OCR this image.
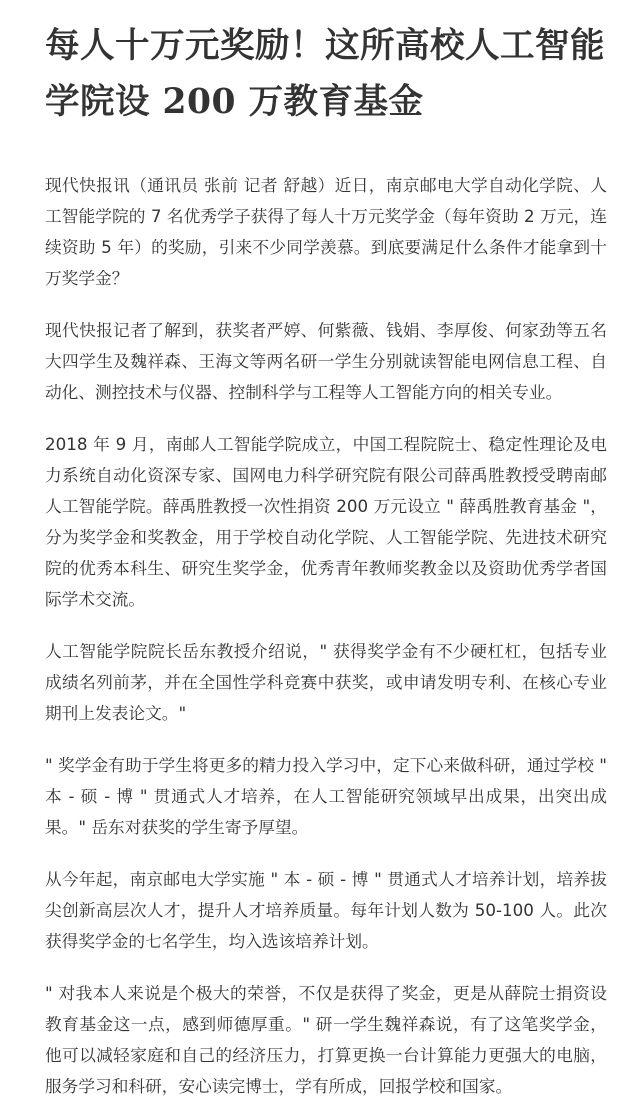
每人十万元奖励！这所高校人工智能学院设 200 万教育基金

现代快报讯（通讯员 张前 记者 舒越）近日，南京邮电大学自动化学院、人工智能学院的 7 名优秀学子获得了每人十万元奖学金（每年资助 2 万元，连续资助 5 年）的奖励，引来不少同学羡慕。到底要满足什么条件才能拿到十万奖学金？

现代快报记者了解到，获奖者严婷、何紫薇、钱娟、李厚俊、何家劲等五名大四学生及魏祥森、王海文等两名研一学生分别就读智能电网信息工程、自动化、测控技术与仪器、控制科学与工程等人工智能方向的相关专业。

2018 年 9 月，南邮人工智能学院成立，中国工程院院士、稳定性理论及电力系统自动化资深专家、国网电力科学研究院有限公司薛禹胜教授受聘南邮人工智能学院。薛禹胜教授一次性捐资 200 万元设立 " 薛禹胜教育基金 "，分为奖学金和奖教金，用于学校自动化学院、人工智能学院、先进技术研究院的优秀本科生、研究生奖学金，优秀青年教师奖教金以及资助优秀学者国际学术交流。

人工智能学院院长岳东教授介绍说，" 获得奖学金有不少硬杠杠，包括专业成绩名列前茅，并在全国性学科竞赛中获奖，或申请发明专利、在核心专业期刊上发表论文。"

" 奖学金有助于学生将更多的精力投入学习中，定下心来做科研，通过学校 " 本 - 硕 - 博 " 贯通式人才培养，在人工智能研究领域早出成果，出突出成果。" 岳东对获奖的学生寄予厚望。

从今年起，南京邮电大学实施 " 本 - 硕 - 博 " 贯通式人才培养计划，培养拔尖创新高层次人才，提升人才培养质量。每年计划人数为 50-100 人。此次获得奖学金的七名学生，均入选该培养计划。

" 对我本人来说是个极大的荣誉，不仅是获得了奖金，更是从薛院士捐资设教育基金这一点，感到师德厚重。" 研一学生魏祥森说，有了这笔奖学金，他可以减轻家庭和自己的经济压力，打算更换一台计算能力更强大的电脑，服务学习和科研，安心读完博士，学有所成，回报学校和国家。
